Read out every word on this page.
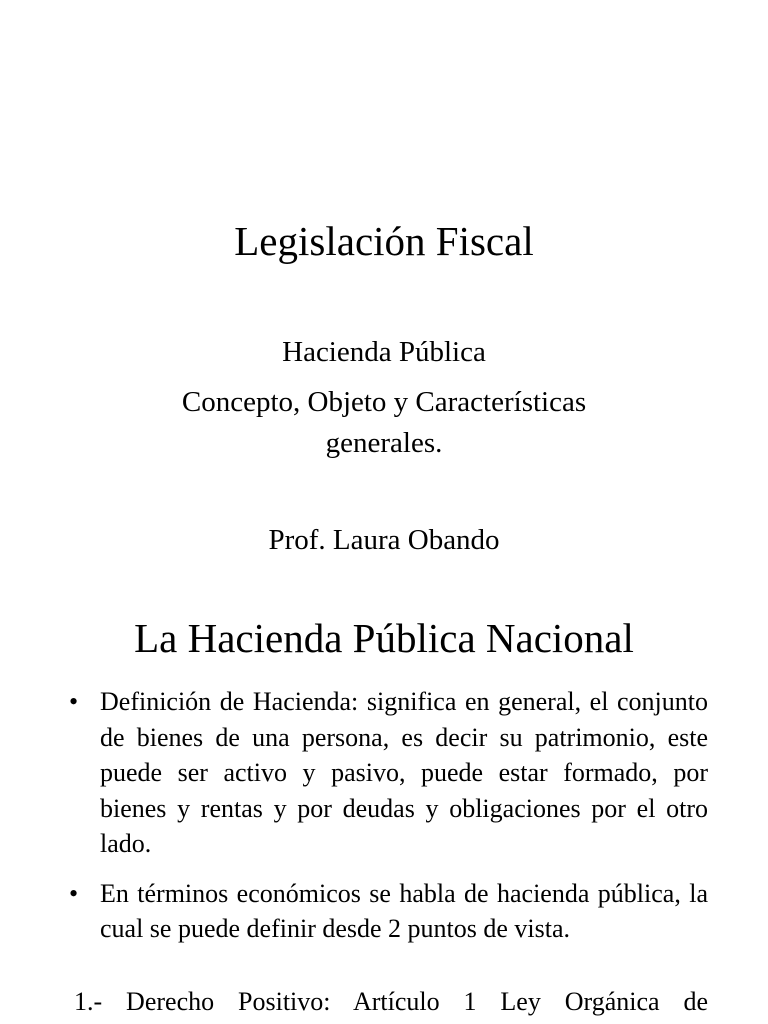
Legislación Fiscal
Hacienda Pública
Concepto, Objeto y Características
generales.
Prof. Laura Obando
La Hacienda Pública Nacional
• Definición de Hacienda: significa en general, el conjunto de bienes de una persona, es decir su patrimonio, este puede ser activo y pasivo, puede estar formado, por bienes y rentas y por deudas y obligaciones por el otro lado.
• En términos económicos se habla de hacienda pública, la cual se puede definir desde 2 puntos de vista.
1.- Derecho Positivo: Artículo 1 Ley Orgánica de
